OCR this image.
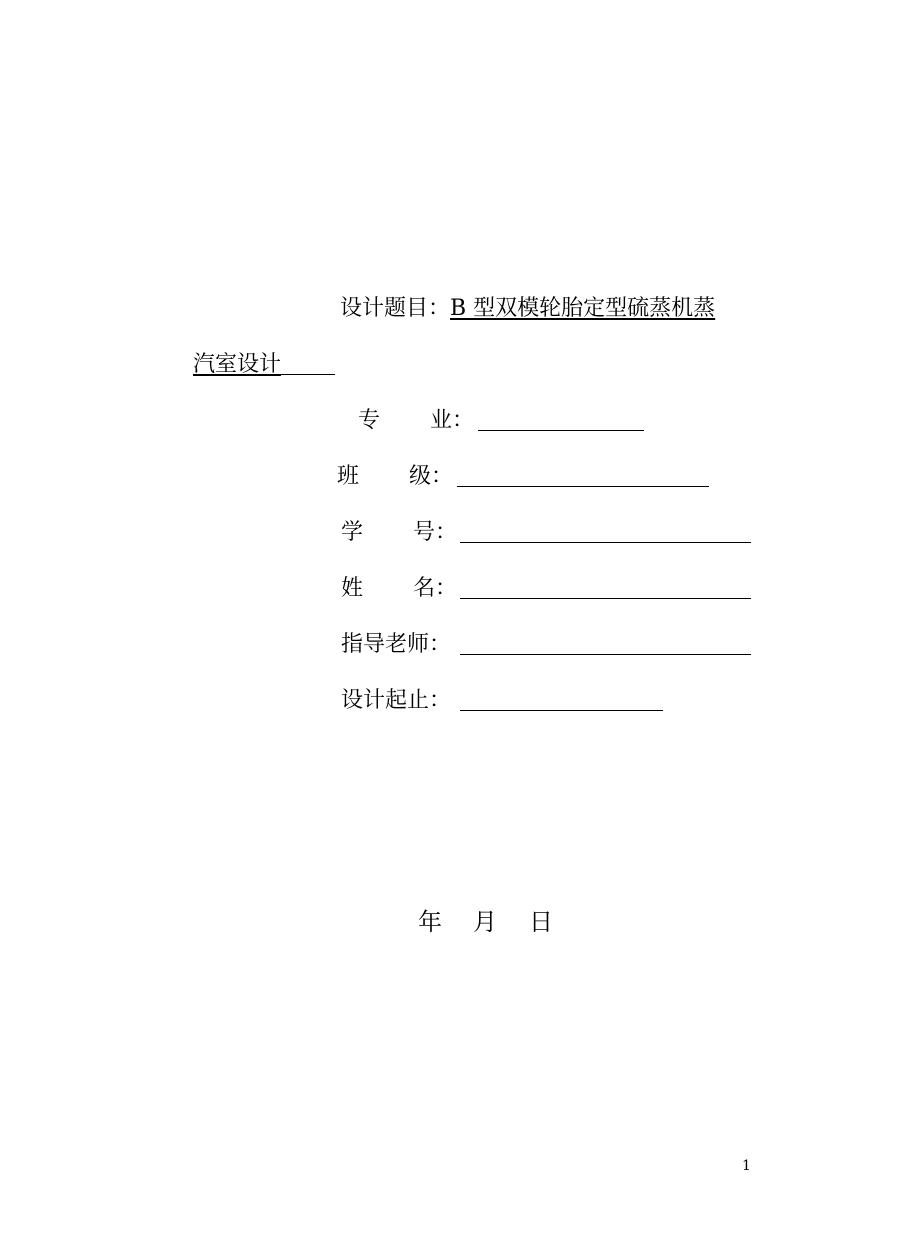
设计题目：B 型双模轮胎定型硫蒸机蒸
汽室设计
专 业 ：
班 级 ：
学 号 ：
姓 名 ：
指导老师：
设计起止：
年 月 日
1
